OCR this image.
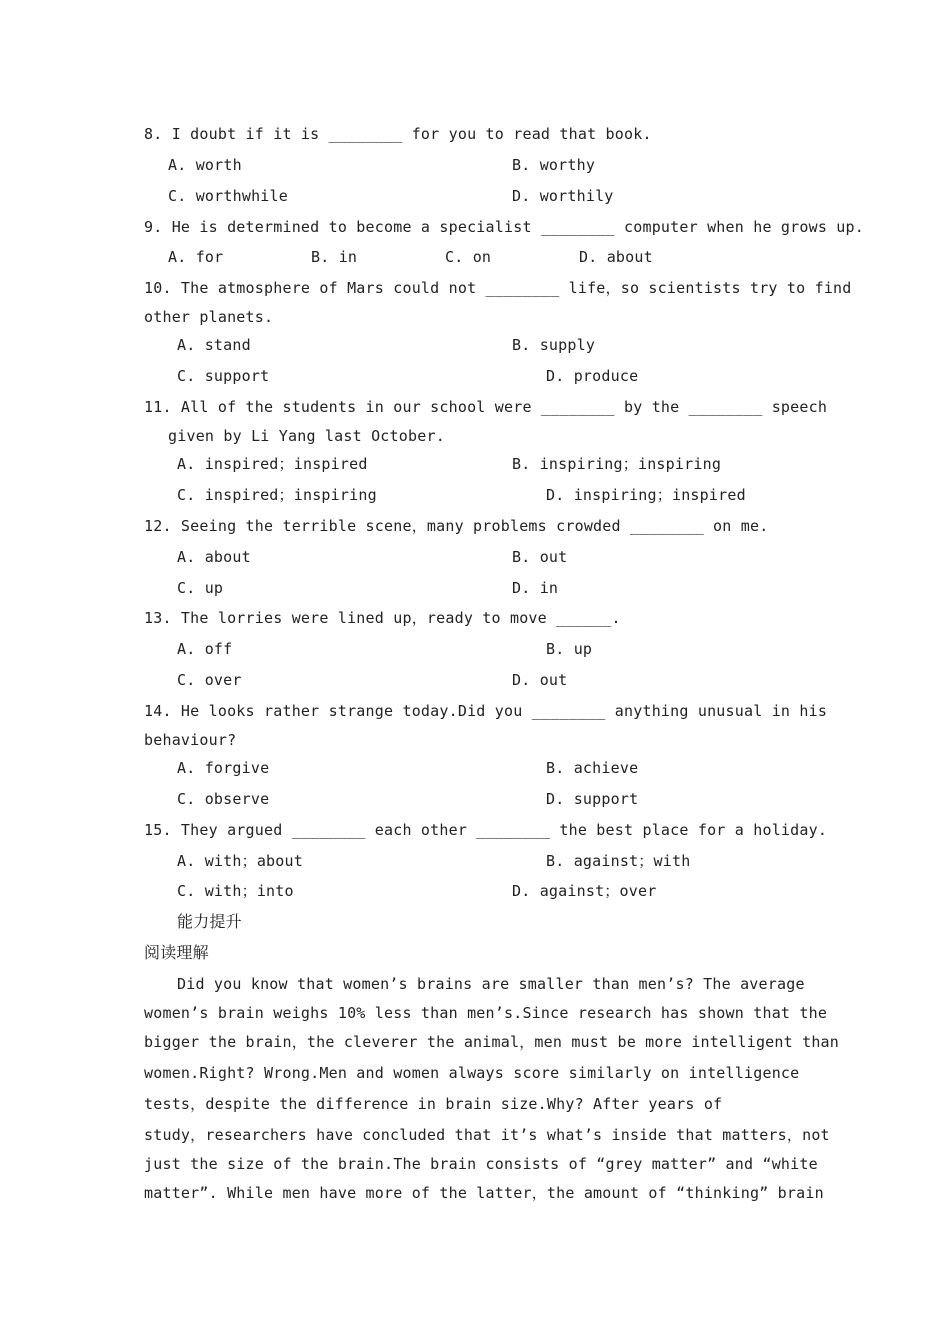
8. I doubt if it is ________ for you to read that book.
A. worth	B. worthy
C. worthwhile	D. worthily
9. He is determined to become a specialist ________ computer when he grows up.
A. for	B. in	C. on	D. about
10. The atmosphere of Mars could not ________ life，so scientists try to find
other planets.
A. stand	B. supply
C. support	D. produce
11. All of the students in our school were ________ by the ________ speech
given by Li Yang last October.
A. inspired；inspired	B. inspiring；inspiring
C. inspired；inspiring	D. inspiring；inspired
12. Seeing the terrible scene，many problems crowded ________ on me.
A. about	B. out
C. up	D. in
13. The lorries were lined up，ready to move ______.
A. off	B. up
C. over	D. out
14. He looks rather strange today.Did you ________ anything unusual in his
behaviour?
A. forgive	B. achieve
C. observe	D. support
15. They argued ________ each other ________ the best place for a holiday.
A. with；about	B. against；with
C. with；into	D. against；over
能力提升
阅读理解
Did you know that women’s brains are smaller than men’s? The average
women’s brain weighs 10% less than men’s.Since research has shown that the
bigger the brain，the cleverer the animal，men must be more intelligent than
women.Right? Wrong.Men and women always score similarly on intelligence
tests，despite the difference in brain size.Why? After years of
study，researchers have concluded that it’s what’s inside that matters，not
just the size of the brain.The brain consists of “grey matter” and “white
matter”. While men have more of the latter，the amount of “thinking” brain
